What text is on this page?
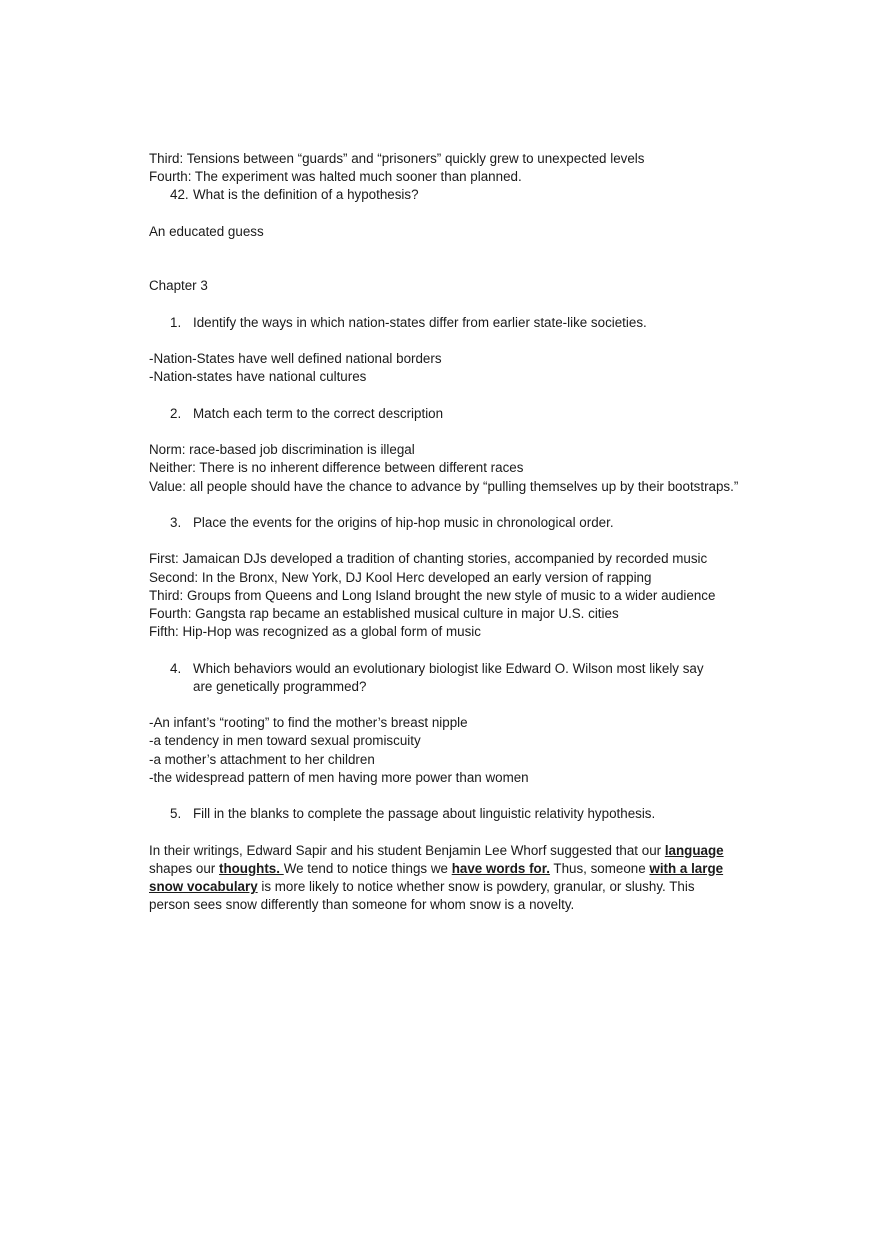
Third: Tensions between “guards” and “prisoners” quickly grew to unexpected levels
Fourth: The experiment was halted much sooner than planned.
42. What is the definition of a hypothesis?
An educated guess
Chapter 3
1. Identify the ways in which nation-states differ from earlier state-like societies.
-Nation-States have well defined national borders
-Nation-states have national cultures
2. Match each term to the correct description
Norm: race-based job discrimination is illegal
Neither: There is no inherent difference between different races
Value: all people should have the chance to advance by “pulling themselves up by their bootstraps.”
3. Place the events for the origins of hip-hop music in chronological order.
First: Jamaican DJs developed a tradition of chanting stories, accompanied by recorded music
Second: In the Bronx, New York, DJ Kool Herc developed an early version of rapping
Third: Groups from Queens and Long Island brought the new style of music to a wider audience
Fourth: Gangsta rap became an established musical culture in major U.S. cities
Fifth: Hip-Hop was recognized as a global form of music
4. Which behaviors would an evolutionary biologist like Edward O. Wilson most likely say are genetically programmed?
-An infant’s “rooting” to find the mother’s breast nipple
-a tendency in men toward sexual promiscuity
-a mother’s attachment to her children
-the widespread pattern of men having more power than women
5. Fill in the blanks to complete the passage about linguistic relativity hypothesis.
In their writings, Edward Sapir and his student Benjamin Lee Whorf suggested that our language shapes our thoughts. We tend to notice things we have words for. Thus, someone with a large snow vocabulary is more likely to notice whether snow is powdery, granular, or slushy. This person sees snow differently than someone for whom snow is a novelty.
